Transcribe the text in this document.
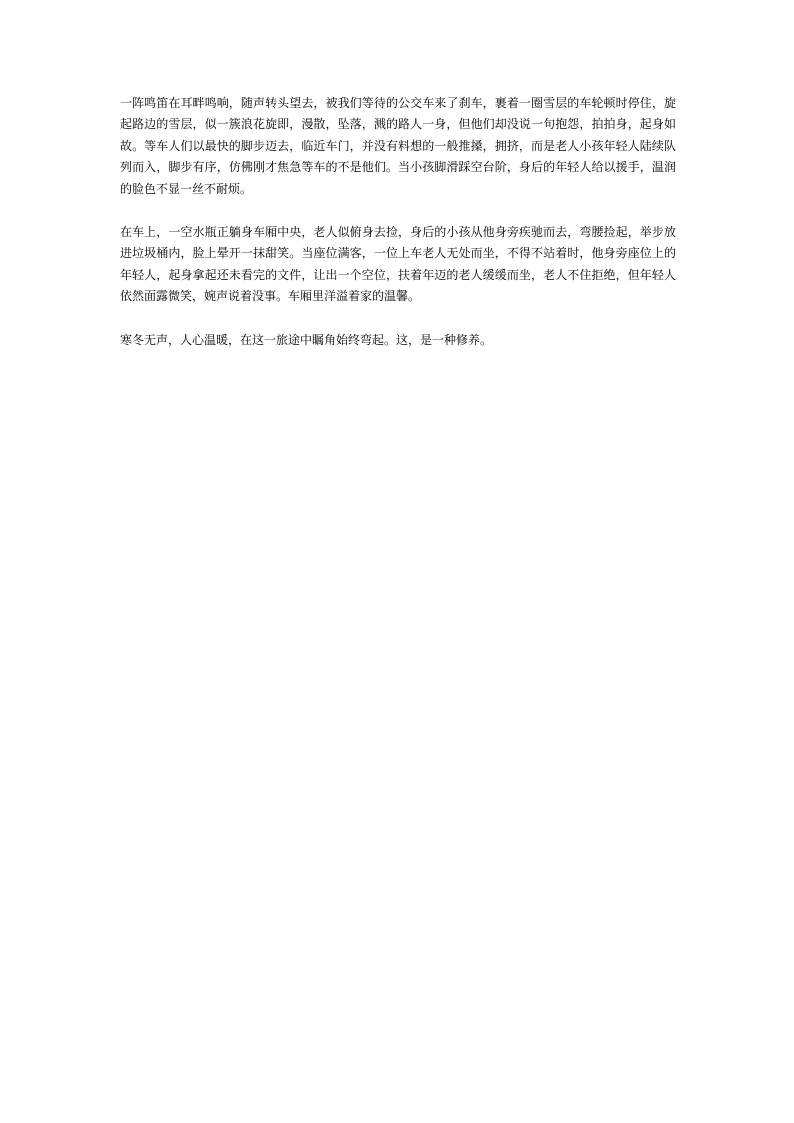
一阵鸣笛在耳畔鸣响，随声转头望去，被我们等待的公交车来了刹车，裹着一圈雪层的车轮顿时停住，旋起路边的雪层，似一簇浪花旋即，漫散，坠落，溅的路人一身，但他们却没说一句抱怨，拍拍身，起身如故。等车人们以最快的脚步迈去，临近车门，并没有料想的一般推搡，拥挤，而是老人小孩年轻人陆续队列而入，脚步有序，仿佛刚才焦急等车的不是他们。当小孩脚滑踩空台阶，身后的年轻人给以援手，温润的脸色不显一丝不耐烦。

在车上，一空水瓶正躺身车厢中央，老人似俯身去捡，身后的小孩从他身旁疾驰而去，弯腰捡起，举步放进垃圾桶内，脸上晕开一抹甜笑。当座位满客，一位上车老人无处而坐，不得不站着时，他身旁座位上的年轻人，起身拿起还未看完的文件，让出一个空位，扶着年迈的老人缓缓而坐，老人不住拒绝，但年轻人依然面露微笑，婉声说着没事。车厢里洋溢着家的温馨。

寒冬无声，人心温暖，在这一旅途中瞩角始终弯起。这，是一种修养。
